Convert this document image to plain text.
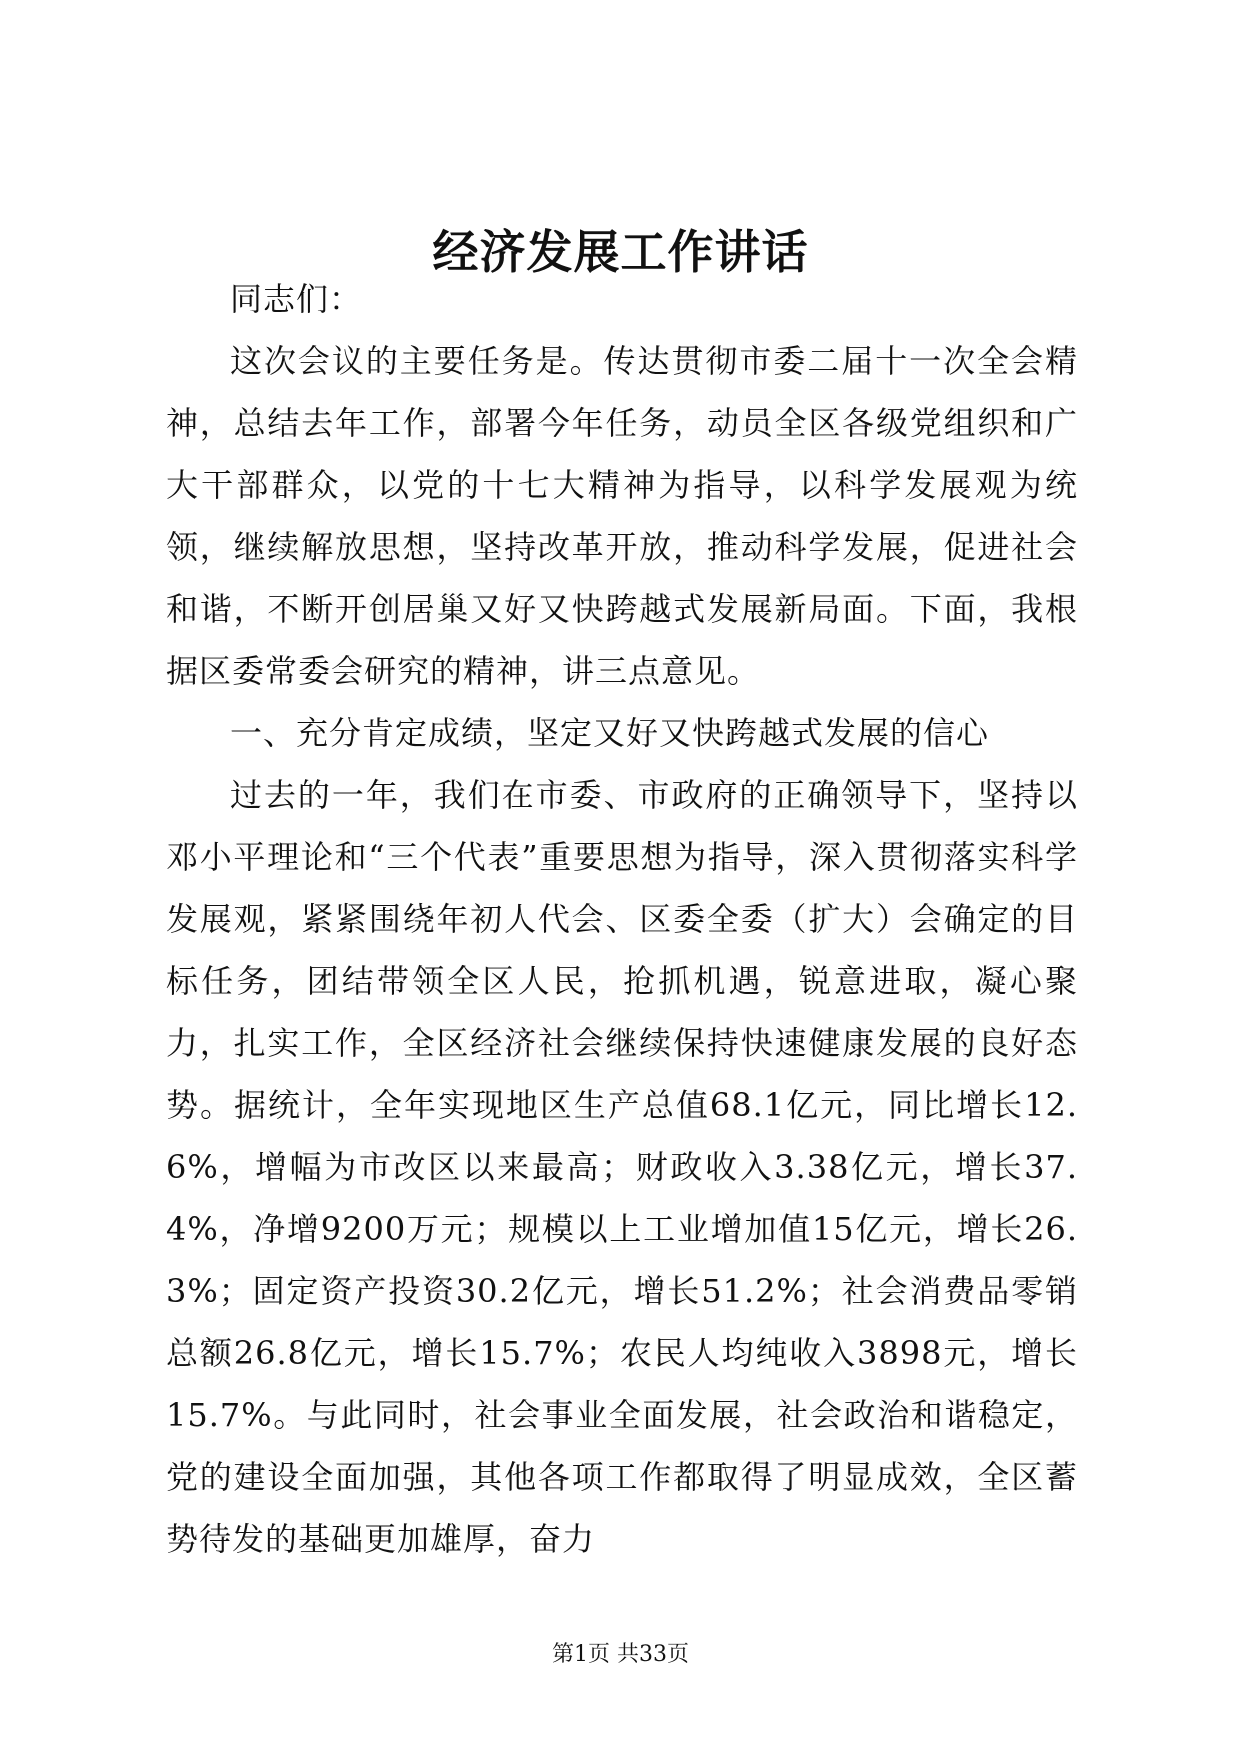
经济发展工作讲话

同志们：

这次会议的主要任务是。传达贯彻市委二届十一次全会精神，总结去年工作，部署今年任务，动员全区各级党组织和广大干部群众，以党的十七大精神为指导，以科学发展观为统领，继续解放思想，坚持改革开放，推动科学发展，促进社会和谐，不断开创居巢又好又快跨越式发展新局面。下面，我根据区委常委会研究的精神，讲三点意见。

一、充分肯定成绩，坚定又好又快跨越式发展的信心

过去的一年，我们在市委、市政府的正确领导下，坚持以邓小平理论和“三个代表”重要思想为指导，深入贯彻落实科学发展观，紧紧围绕年初人代会、区委全委（扩大）会确定的目标任务，团结带领全区人民，抢抓机遇，锐意进取，凝心聚力，扎实工作，全区经济社会继续保持快速健康发展的良好态势。据统计，全年实现地区生产总值68.1亿元，同比增长12.6%，增幅为市改区以来最高；财政收入3.38亿元，增长37.4%，净增9200万元；规模以上工业增加值15亿元，增长26.3%；固定资产投资30.2亿元，增长51.2%；社会消费品零销总额26.8亿元，增长15.7%；农民人均纯收入3898元，增长15.7%。与此同时，社会事业全面发展，社会政治和谐稳定，党的建设全面加强，其他各项工作都取得了明显成效，全区蓄势待发的基础更加雄厚，奋力

第1页 共33页
